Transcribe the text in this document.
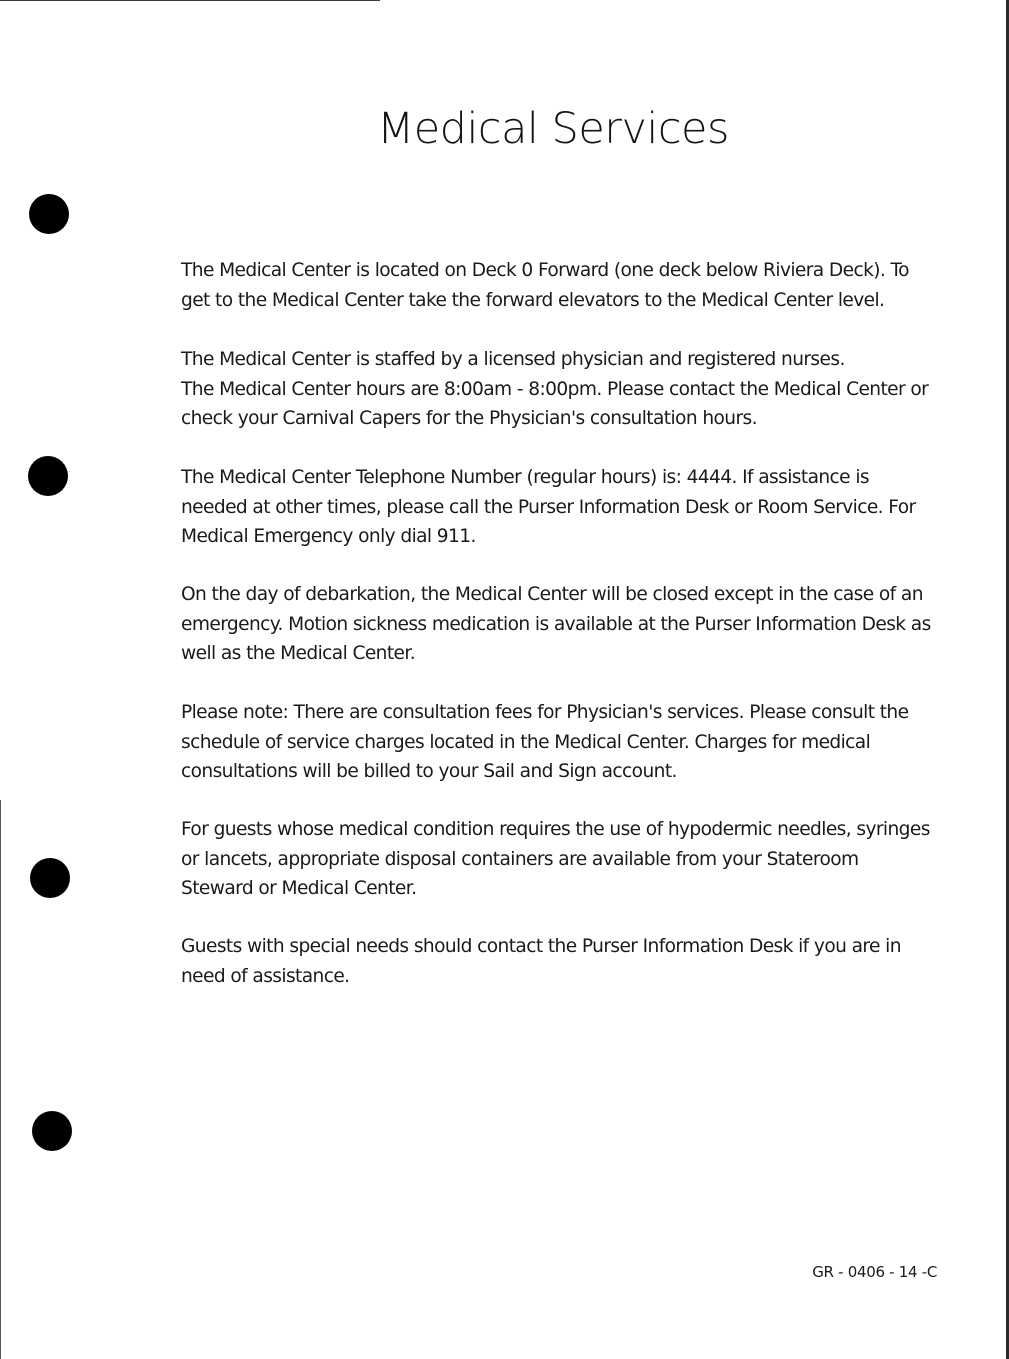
Medical Services

The Medical Center is located on Deck 0 Forward (one deck below Riviera Deck). To get to the Medical Center take the forward elevators to the Medical Center level.

The Medical Center is staffed by a licensed physician and registered nurses.

The Medical Center hours are 8:00am - 8:00pm. Please contact the Medical Center or check your Carnival Capers for the Physician's consultation hours.

The Medical Center Telephone Number (regular hours) is: 4444. If assistance is needed at other times, please call the Purser Information Desk or Room Service. For Medical Emergency only dial 911.

On the day of debarkation, the Medical Center will be closed except in the case of an emergency. Motion sickness medication is available at the Purser Information Desk as well as the Medical Center.

Please note: There are consultation fees for Physician's services. Please consult the schedule of service charges located in the Medical Center. Charges for medical consultations will be billed to your Sail and Sign account.

For guests whose medical condition requires the use of hypodermic needles, syringes or lancets, appropriate disposal containers are available from your Stateroom Steward or Medical Center.

Guests with special needs should contact the Purser Information Desk if you are in need of assistance.

GR - 0406 - 14 -C
